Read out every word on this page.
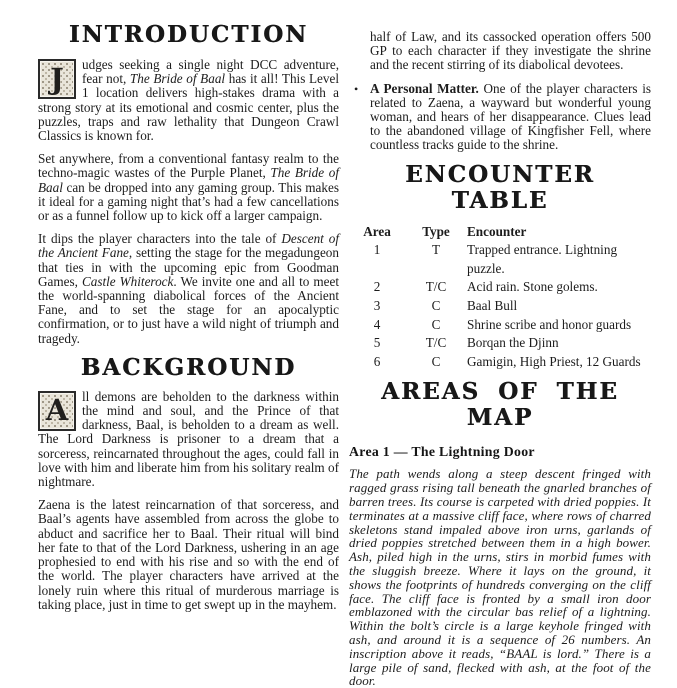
INTRODUCTION

J	udges seeking a single night DCC adventure, fear not, The Bride of Baal has it all! This Level 1 location delivers high-stakes drama with a strong story at its emotional and cosmic center, plus the puzzles, traps and raw lethality that Dungeon Crawl Classics is known for.

Set anywhere, from a conventional fantasy realm to the techno-magic wastes of the Purple Planet, The Bride of Baal can be dropped into any gaming group. This makes it ideal for a gaming night that’s had a few cancellations or as a funnel follow up to kick off a larger campaign.

It dips the player characters into the tale of Descent of the Ancient Fane, setting the stage for the megadungeon that ties in with the upcoming epic from Goodman Games, Castle Whiterock. We invite one and all to meet the world-spanning diabolical forces of the Ancient Fane, and to set the stage for an apocalyptic confirmation, or to just have a wild night of triumph and tragedy.

BACKGROUND

A	ll demons are beholden to the darkness within the mind and soul, and the Prince of that darkness, Baal, is beholden to a dream as well. The Lord Darkness is prisoner to a dream that a sorceress, reincarnated throughout the ages, could fall in love with him and liberate him from his solitary realm of nightmare.

Zaena is the latest reincarnation of that sorceress, and Baal’s agents have assembled from across the globe to abduct and sacrifice her to Baal. Their ritual will bind her fate to that of the Lord Darkness, ushering in an age prophesied to end with his rise and so with the end of the world. The player characters have arrived at the lonely ruin where this ritual of murderous marriage is taking place, just in time to get swept up in the mayhem.

half of Law, and its cassocked operation offers 500 GP to each character if they investigate the shrine and the recent stirring of its diabolical devotees.

• A Personal Matter. One of the player characters is related to Zaena, a wayward but wonderful young woman, and hears of her disappearance. Clues lead to the abandoned village of Kingfisher Fell, where countless tracks guide to the shrine.

ENCOUNTER TABLE
Area	Type	Encounter
1	T	Trapped entrance. Lightning puzzle.
2	T/C	Acid rain. Stone golems.
3	C	Baal Bull
4	C	Shrine scribe and honor guards
5	T/C	Borqan the Djinn
6	C	Gamigin, High Priest, 12 Guards
AREAS OF THE MAP
Area 1 — The Lightning Door

The path wends along a steep descent fringed with ragged grass rising tall beneath the gnarled branches of barren trees. Its course is carpeted with dried poppies. It terminates at a massive cliff face, where rows of charred skeletons stand impaled above iron urns, garlands of dried poppies stretched between them in a high bower. Ash, piled high in the urns, stirs in morbid fumes with the sluggish breeze. Where it lays on the ground, it shows the footprints of hundreds converging on the cliff face. The cliff face is fronted by a small iron door emblazoned with the circular bas relief of a lightning. Within the bolt’s circle is a large keyhole fringed with ash, and around it is a sequence of 26 numbers. An inscription above it reads, “BAAL is lord.” There is a large pile of sand, flecked with ash, at the foot of the door.
